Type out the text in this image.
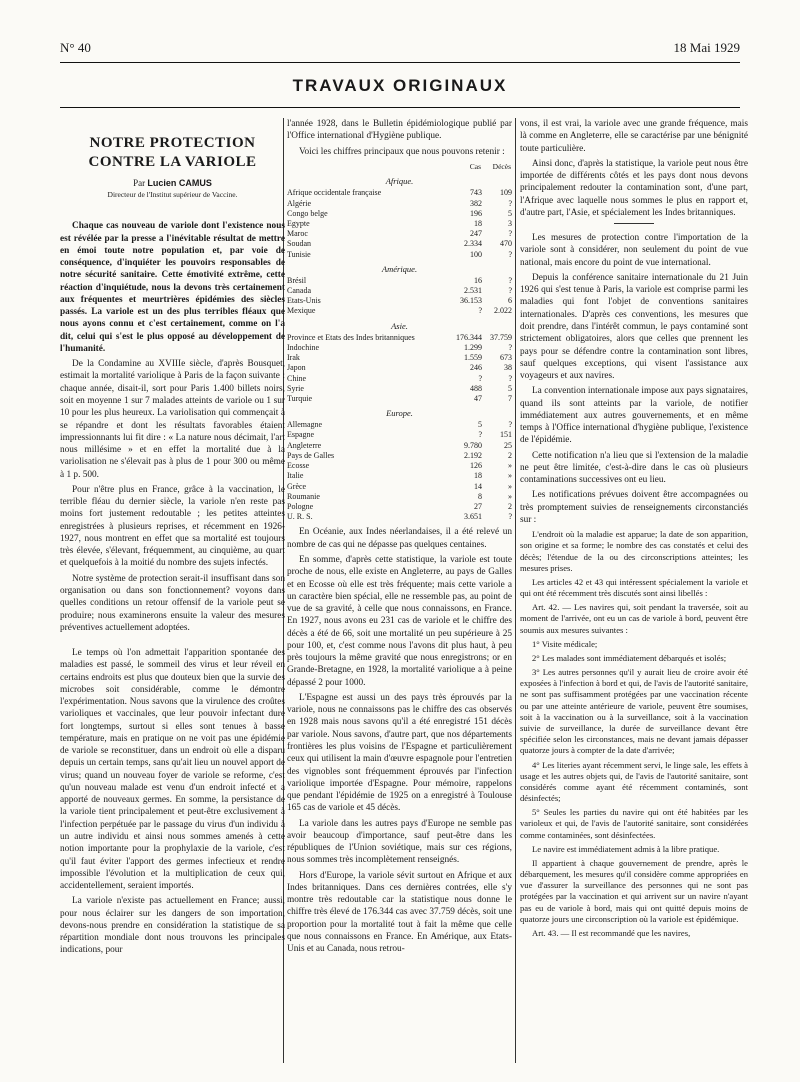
N° 40	18 Mai 1929
TRAVAUX ORIGINAUX
NOTRE PROTECTION
CONTRE LA VARIOLE
Par Lucien CAMUS
Directeur de l'Institut supérieur de Vaccine.

Chaque cas nouveau de variole dont l'existence nous est révélée par la presse a l'inévitable résultat de mettre en émoi toute notre population et, par voie de conséquence, d'inquiéter les pouvoirs responsables de notre sécurité sanitaire. Cette émotivité extrême, cette réaction d'inquiétude, nous la devons très certainement aux fréquentes et meurtrières épidémies des siècles passés. La variole est un des plus terribles fléaux que nous ayons connu et c'est certainement, comme on l'a dit, celui qui s'est le plus opposé au développement de l'humanité.

De la Condamine au XVIIIe siècle, d'après Bousquet, estimait la mortalité variolique à Paris de la façon suivante : chaque année, disait-il, sort pour Paris 1.400 billets noirs, soit en moyenne 1 sur 7 malades atteints de variole ou 1 sur 10 pour les plus heureux. La variolisation qui commençait à se répandre et dont les résultats favorables étaient impressionnants lui fit dire : « La nature nous décimait, l'art nous millésime » et en effet la mortalité due à la variolisation ne s'élevait pas à plus de 1 pour 300 ou même à 1 p. 500.

Pour n'être plus en France, grâce à la vaccination, le terrible fléau du dernier siècle, la variole n'en reste pas moins fort justement redoutable ; les petites atteintes enregistrées à plusieurs reprises, et récemment en 1926-1927, nous montrent en effet que sa mortalité est toujours très élevée, s'élevant, fréquemment, au cinquième, au quart et quelquefois à la moitié du nombre des sujets infectés.

Notre système de protection serait-il insuffisant dans son organisation ou dans son fonctionnement? voyons dans quelles conditions un retour offensif de la variole peut se produire; nous examinerons ensuite la valeur des mesures préventives actuellement adoptées.

Le temps où l'on admettait l'apparition spontanée des maladies est passé, le sommeil des virus et leur réveil en certains endroits est plus que douteux bien que la survie des microbes soit considérable, comme le démontre l'expérimentation. Nous savons que la virulence des croûtes varioliques et vaccinales, que leur pouvoir infectant dure fort longtemps, surtout si elles sont tenues à basse température, mais en pratique on ne voit pas une épidémie de variole se reconstituer, dans un endroit où elle a disparu depuis un certain temps, sans qu'ait lieu un nouvel apport de virus; quand un nouveau foyer de variole se reforme, c'est qu'un nouveau malade est venu d'un endroit infecté et a apporté de nouveaux germes. En somme, la persistance de la variole tient principalement et peut-être exclusivement à l'infection perpétuée par le passage du virus d'un individu à un autre individu et ainsi nous sommes amenés à cette notion importante pour la prophylaxie de la variole, c'est qu'il faut éviter l'apport des germes infectieux et rendre impossible l'évolution et la multiplication de ceux qui, accidentellement, seraient importés.

La variole n'existe pas actuellement en France; aussi, pour nous éclairer sur les dangers de son importation, devons-nous prendre en considération la statistique de sa répartition mondiale dont nous trouvons les principales indications, pour

l'année 1928, dans le Bulletin épidémiologique publié par l'Office international d'Hygiène publique.

Voici les chiffres principaux que nous pouvons retenir :

	Cas	Décès
Afrique.		
Afrique occidentale française	743	109
Algérie	382	?
Congo belge	196	5
Egypte	18	3
Maroc	247	?
Soudan	2.334	470
Tunisie	100	?
Amérique.		
Brésil	16	?
Canada	2.531	?
Etats-Unis	36.153	6
Mexique	?	2.022
Asie.		
Province et Etats des Indes britanniques	176.344	37.759
Indochine	1.299	?
Irak	1.559	673
Japon	246	38
Chine	?	?
Syrie	488	5
Turquie	47	7
Europe.		
Allemagne	5	?
Espagne	?	151
Angleterre	9.780	25
Pays de Galles	2.192	2
Ecosse	126	»
Italie	18	»
Grèce	14	»
Roumanie	8	»
Pologne	27	2
U. R. S.	3.651	?

En Océanie, aux Indes néerlandaises, il a été relevé un nombre de cas qui ne dépasse pas quelques centaines.

En somme, d'après cette statistique, la variole est toute proche de nous, elle existe en Angleterre, au pays de Galles et en Ecosse où elle est très fréquente; mais cette variole a un caractère bien spécial, elle ne ressemble pas, au point de vue de sa gravité, à celle que nous connaissons, en France. En 1927, nous avons eu 231 cas de variole et le chiffre des décès a été de 66, soit une mortalité un peu supérieure à 25 pour 100, et, c'est comme nous l'avons dit plus haut, à peu près toujours la même gravité que nous enregistrons; or en Grande-Bretagne, en 1928, la mortalité variolique a à peine dépassé 2 pour 1000.

L'Espagne est aussi un des pays très éprouvés par la variole, nous ne connaissons pas le chiffre des cas observés en 1928 mais nous savons qu'il a été enregistré 151 décès par variole. Nous savons, d'autre part, que nos départements frontières les plus voisins de l'Espagne et particulièrement ceux qui utilisent la main d'œuvre espagnole pour l'entretien des vignobles sont fréquemment éprouvés par l'infection variolique importée d'Espagne. Pour mémoire, rappelons que pendant l'épidémie de 1925 on a enregistré à Toulouse 165 cas de variole et 45 décès.

La variole dans les autres pays d'Europe ne semble pas avoir beaucoup d'importance, sauf peut-être dans les républiques de l'Union soviétique, mais sur ces régions, nous sommes très incomplètement renseignés.

Hors d'Europe, la variole sévit surtout en Afrique et aux Indes britanniques. Dans ces dernières contrées, elle s'y montre très redoutable car la statistique nous donne le chiffre très élevé de 176.344 cas avec 37.759 décès, soit une proportion pour la mortalité tout à fait la même que celle que nous connaissons en France. En Amérique, aux Etats-Unis et au Canada, nous retrou-

vons, il est vrai, la variole avec une grande fréquence, mais là comme en Angleterre, elle se caractérise par une bénignité toute particulière.

Ainsi donc, d'après la statistique, la variole peut nous être importée de différents côtés et les pays dont nous devons principalement redouter la contamination sont, d'une part, l'Afrique avec laquelle nous sommes le plus en rapport et, d'autre part, l'Asie, et spécialement les Indes britanniques.

Les mesures de protection contre l'importation de la variole sont à considérer, non seulement du point de vue national, mais encore du point de vue international.

Depuis la conférence sanitaire internationale du 21 Juin 1926 qui s'est tenue à Paris, la variole est comprise parmi les maladies qui font l'objet de conventions sanitaires internationales. D'après ces conventions, les mesures que doit prendre, dans l'intérêt commun, le pays contaminé sont strictement obligatoires, alors que celles que prennent les pays pour se défendre contre la contamination sont libres, sauf quelques exceptions, qui visent l'assistance aux voyageurs et aux navires.

La convention internationale impose aux pays signataires, quand ils sont atteints par la variole, de notifier immédiatement aux autres gouvernements, et en même temps à l'Office international d'hygiène publique, l'existence de l'épidémie.

Cette notification n'a lieu que si l'extension de la maladie ne peut être limitée, c'est-à-dire dans le cas où plusieurs contaminations successives ont eu lieu.

Les notifications prévues doivent être accompagnées ou très promptement suivies de renseignements circonstanciés sur :

L'endroit où la maladie est apparue; la date de son apparition, son origine et sa forme; le nombre des cas constatés et celui des décès; l'étendue de la ou des circonscriptions atteintes; les mesures prises.

Les articles 42 et 43 qui intéressent spécialement la variole et qui ont été récemment très discutés sont ainsi libellés :

Art. 42. — Les navires qui, soit pendant la traversée, soit au moment de l'arrivée, ont eu un cas de variole à bord, peuvent être soumis aux mesures suivantes :

1° Visite médicale;

2° Les malades sont immédiatement débarqués et isolés;

3° Les autres personnes qu'il y aurait lieu de croire avoir été exposées à l'infection à bord et qui, de l'avis de l'autorité sanitaire, ne sont pas suffisamment protégées par une vaccination récente ou par une atteinte antérieure de variole, peuvent être soumises, soit à la vaccination ou à la surveillance, soit à la vaccination suivie de surveillance, la durée de surveillance devant être spécifiée selon les circonstances, mais ne devant jamais dépasser quatorze jours à compter de la date d'arrivée;

4° Les literies ayant récemment servi, le linge sale, les effets à usage et les autres objets qui, de l'avis de l'autorité sanitaire, sont considérés comme ayant été récemment contaminés, sont désinfectés;

5° Seules les parties du navire qui ont été habitées par les varioleux et qui, de l'avis de l'autorité sanitaire, sont considérées comme contaminées, sont désinfectées.

Le navire est immédiatement admis à la libre pratique.

Il appartient à chaque gouvernement de prendre, après le débarquement, les mesures qu'il considère comme appropriées en vue d'assurer la surveillance des personnes qui ne sont pas protégées par la vaccination et qui arrivent sur un navire n'ayant pas eu de variole à bord, mais qui ont quitté depuis moins de quatorze jours une circonscription où la variole est épidémique.

Art. 43. — Il est recommandé que les navires,
